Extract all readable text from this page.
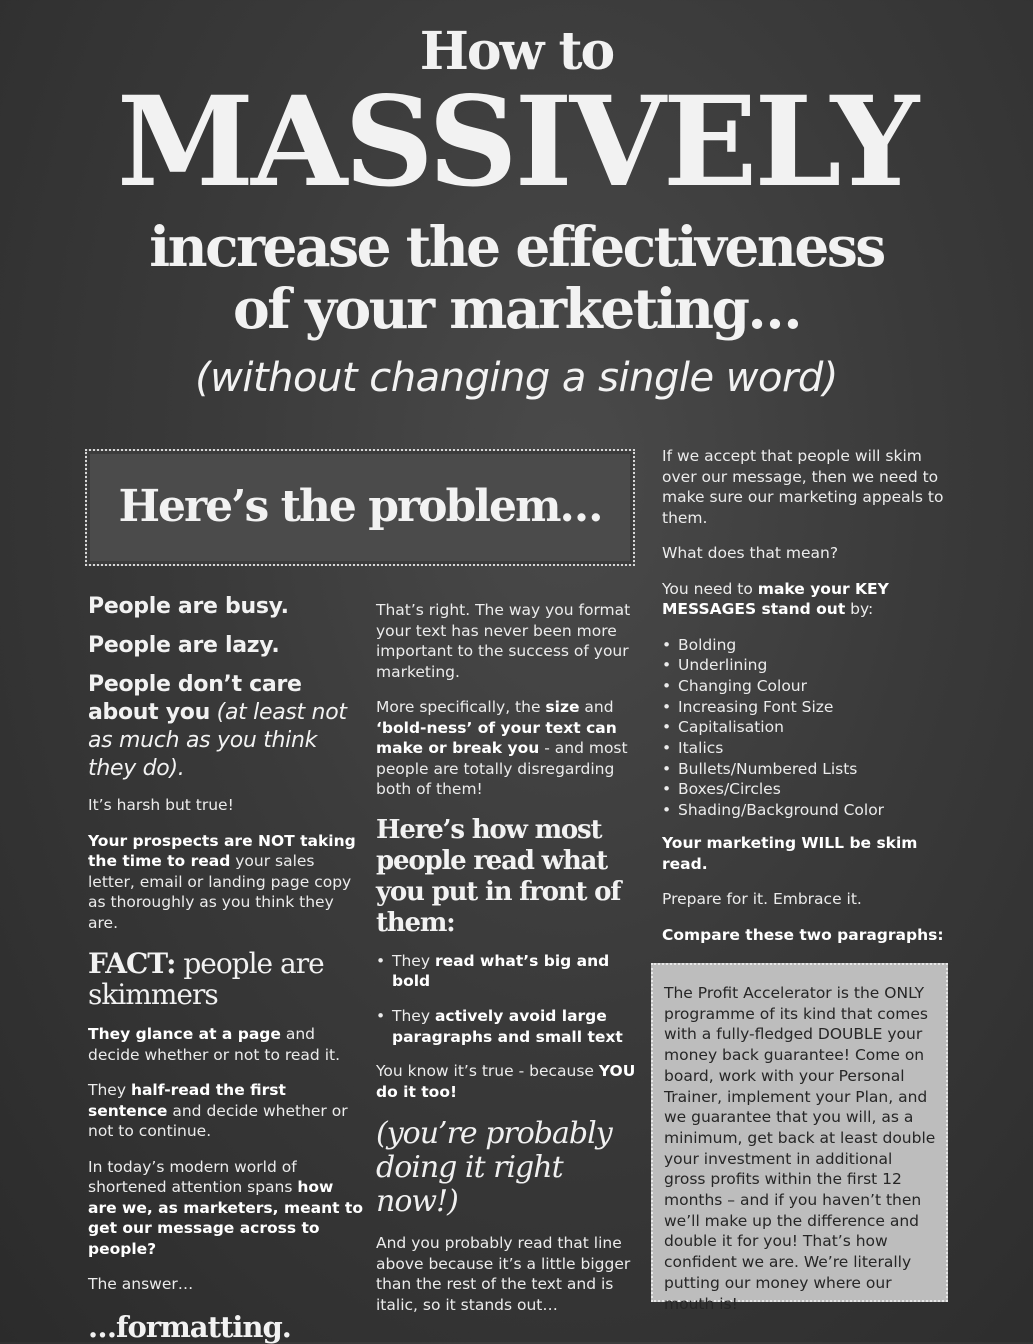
How to
MASSIVELY
increase the effectiveness
of your marketing…
(without changing a single word)
Here’s the problem…

People are busy.

People are lazy.

People don’t care about you (at least not as much as you think they do).

It’s harsh but true!

Your prospects are NOT taking the time to read your sales letter, email or landing page copy as thoroughly as you think they are.

FACT: people are skimmers

They glance at a page and decide whether or not to read it.

They half-read the first sentence and decide whether or not to continue.

In today’s modern world of shortened attention spans how are we, as marketers, meant to get our message across to people?

The answer…

…formatting.

That’s right. The way you format your text has never been more important to the success of your marketing.

More specifically, the size and ‘bold-ness’ of your text can make or break you - and most people are totally disregarding both of them!

Here’s how most people read what you put in front of them:

• They read what’s big and bold
• They actively avoid large paragraphs and small text

You know it’s true - because YOU do it too!

(you’re probably doing it right now!)

And you probably read that line above because it’s a little bigger than the rest of the text and is italic, so it stands out…

If we accept that people will skim over our message, then we need to make sure our marketing appeals to them.

What does that mean?

You need to make your KEY MESSAGES stand out by:

• Bolding
• Underlining
• Changing Colour
• Increasing Font Size
• Capitalisation
• Italics
• Bullets/Numbered Lists
• Boxes/Circles
• Shading/Background Color

Your marketing WILL be skim read.

Prepare for it. Embrace it.

Compare these two paragraphs:

The Profit Accelerator is the ONLY programme of its kind that comes with a fully-fledged DOUBLE your money back guarantee! Come on board, work with your Personal Trainer, implement your Plan, and we guarantee that you will, as a minimum, get back at least double your investment in additional gross profits within the first 12 months – and if you haven’t then we’ll make up the difference and double it for you! That’s how confident we are. We’re literally putting our money where our mouth is!
